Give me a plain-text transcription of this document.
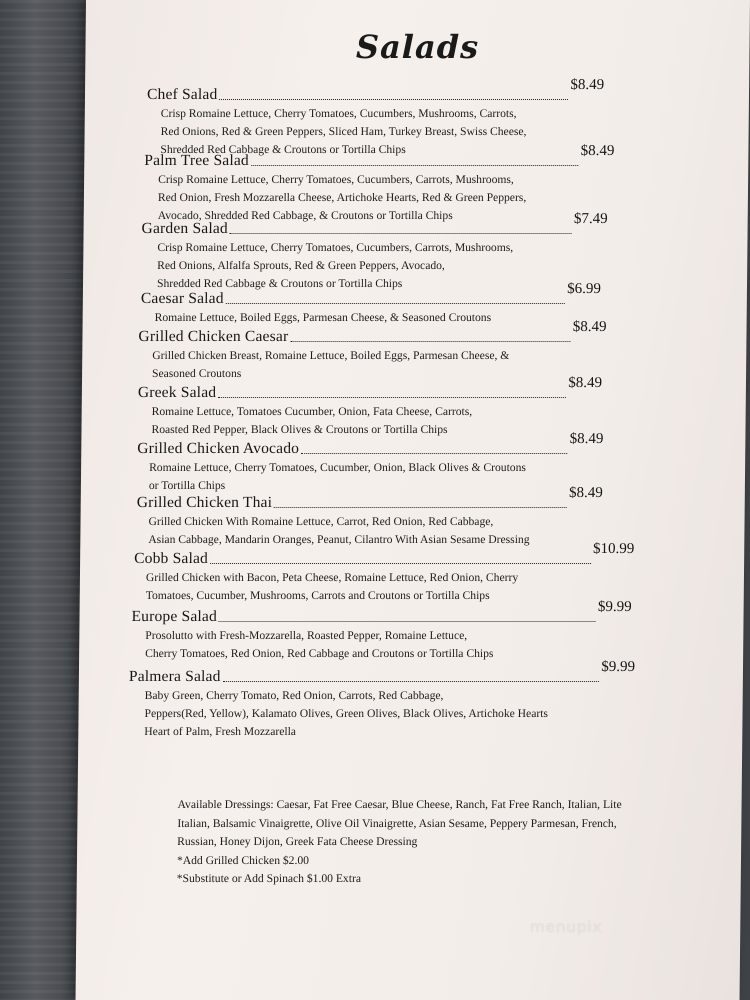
Salads
Chef Salad
$8.49
Crisp Romaine Lettuce, Cherry Tomatoes, Cucumbers, Mushrooms, Carrots,
Red Onions, Red & Green Peppers, Sliced Ham, Turkey Breast, Swiss Cheese,
Shredded Red Cabbage & Croutons or Tortilla Chips
Palm Tree Salad
$8.49
Crisp Romaine Lettuce, Cherry Tomatoes, Cucumbers, Carrots, Mushrooms,
Red Onion, Fresh Mozzarella Cheese, Artichoke Hearts, Red & Green Peppers,
Avocado, Shredded Red Cabbage, & Croutons or Tortilla Chips
Garden Salad
$7.49
Crisp Romaine Lettuce, Cherry Tomatoes, Cucumbers, Carrots, Mushrooms,
Red Onions, Alfalfa Sprouts, Red & Green Peppers, Avocado,
Shredded Red Cabbage & Croutons or Tortilla Chips
Caesar Salad
$6.99
Romaine Lettuce, Boiled Eggs, Parmesan Cheese, & Seasoned Croutons
Grilled Chicken Caesar
$8.49
Grilled Chicken Breast, Romaine Lettuce, Boiled Eggs, Parmesan Cheese, &
Seasoned Croutons
Greek Salad
$8.49
Romaine Lettuce, Tomatoes Cucumber, Onion, Fata Cheese, Carrots,
Roasted Red Pepper, Black Olives & Croutons or Tortilla Chips
Grilled Chicken Avocado
$8.49
Romaine Lettuce, Cherry Tomatoes, Cucumber, Onion, Black Olives & Croutons
or Tortilla Chips
Grilled Chicken Thai
$8.49
Grilled Chicken With Romaine Lettuce, Carrot, Red Onion, Red Cabbage,
Asian Cabbage, Mandarin Oranges, Peanut, Cilantro With Asian Sesame Dressing
Cobb Salad
$10.99
Grilled Chicken with Bacon, Peta Cheese, Romaine Lettuce, Red Onion, Cherry
Tomatoes, Cucumber, Mushrooms, Carrots and Croutons or Tortilla Chips
Europe Salad
$9.99
Prosolutto with Fresh-Mozzarella, Roasted Pepper, Romaine Lettuce,
Cherry Tomatoes, Red Onion, Red Cabbage and Croutons or Tortilla Chips
Palmera Salad
$9.99
Baby Green, Cherry Tomato, Red Onion, Carrots, Red Cabbage,
Peppers(Red, Yellow), Kalamato Olives, Green Olives, Black Olives, Artichoke Hearts
Heart of Palm, Fresh Mozzarella
Available Dressings: Caesar, Fat Free Caesar, Blue Cheese, Ranch, Fat Free Ranch, Italian, Lite Italian, Balsamic Vinaigrette, Olive Oil Vinaigrette, Asian Sesame, Peppery Parmesan, French, Russian, Honey Dijon, Greek Fata Cheese Dressing
*Add Grilled Chicken $2.00
*Substitute or Add Spinach $1.00 Extra
menupix
